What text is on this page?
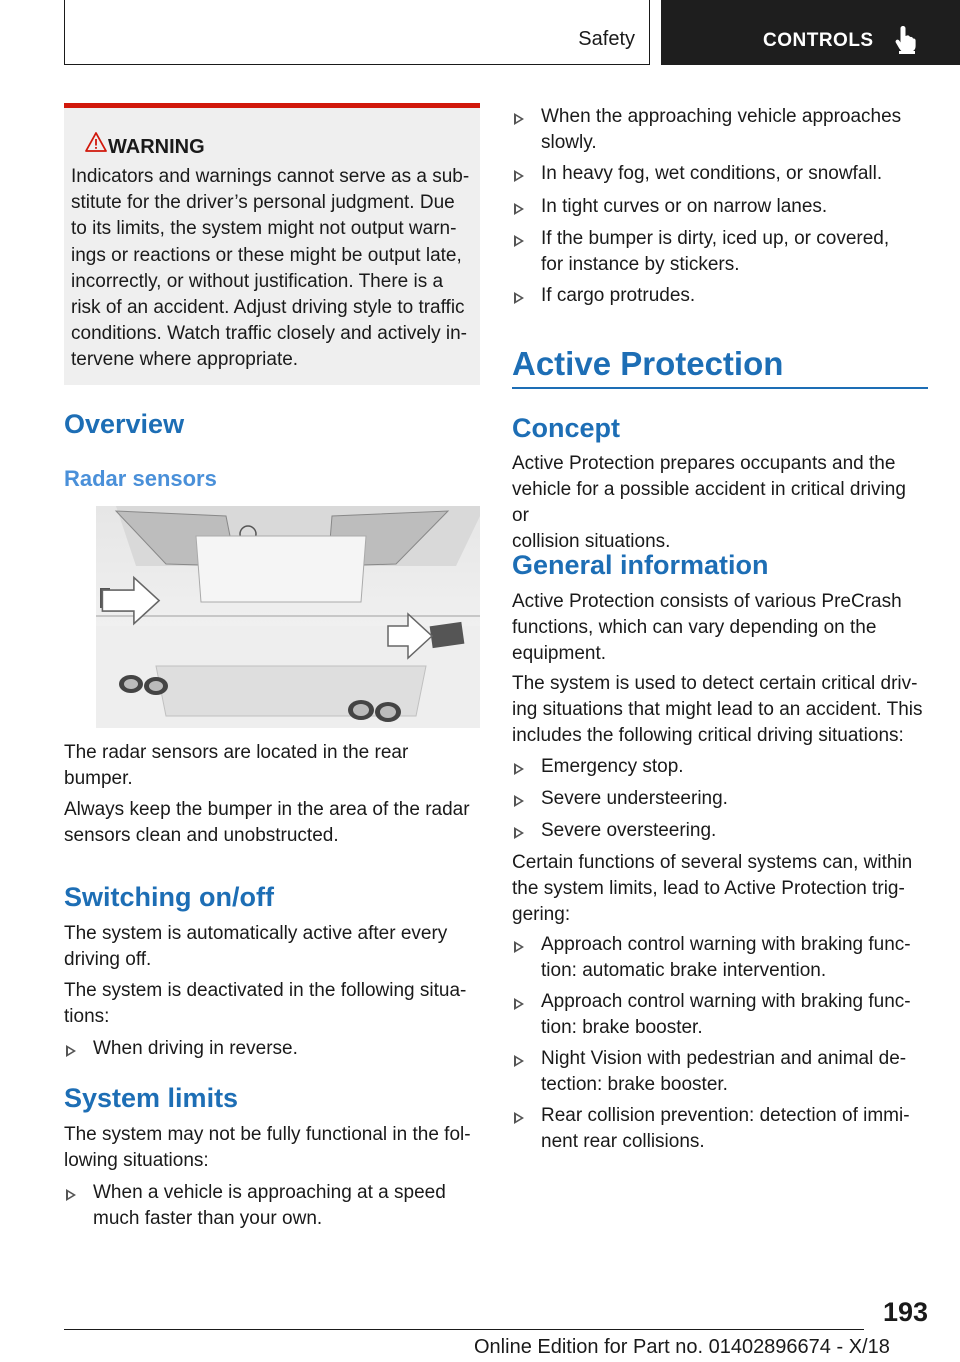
Safety	CONTROLS
WARNING
Indicators and warnings cannot serve as a sub-
stitute for the driver’s personal judgment. Due
to its limits, the system might not output warn-
ings or reactions or these might be output late,
incorrectly, or without justification. There is a
risk of an accident. Adjust driving style to traffic
conditions. Watch traffic closely and actively in-
tervene where appropriate.
Overview
Radar sensors
The radar sensors are located in the rear
bumper.
Always keep the bumper in the area of the radar
sensors clean and unobstructed.
Switching on/off
The system is automatically active after every
driving off.
The system is deactivated in the following situa-
tions:
When driving in reverse.
System limits
The system may not be fully functional in the fol-
lowing situations:
When a vehicle is approaching at a speed
much faster than your own.
When the approaching vehicle approaches
slowly.
In heavy fog, wet conditions, or snowfall.
In tight curves or on narrow lanes.
If the bumper is dirty, iced up, or covered,
for instance by stickers.
If cargo protrudes.
Active Protection
Concept
Active Protection prepares occupants and the
vehicle for a possible accident in critical driving or
collision situations.
General information
Active Protection consists of various PreCrash
functions, which can vary depending on the
equipment.
The system is used to detect certain critical driv-
ing situations that might lead to an accident. This
includes the following critical driving situations:
Emergency stop.
Severe understeering.
Severe oversteering.
Certain functions of several systems can, within
the system limits, lead to Active Protection trig-
gering:
Approach control warning with braking func-
tion: automatic brake intervention.
Approach control warning with braking func-
tion: brake booster.
Night Vision with pedestrian and animal de-
tection: brake booster.
Rear collision prevention: detection of immi-
nent rear collisions.
193
Online Edition for Part no. 01402896674 - X/18
